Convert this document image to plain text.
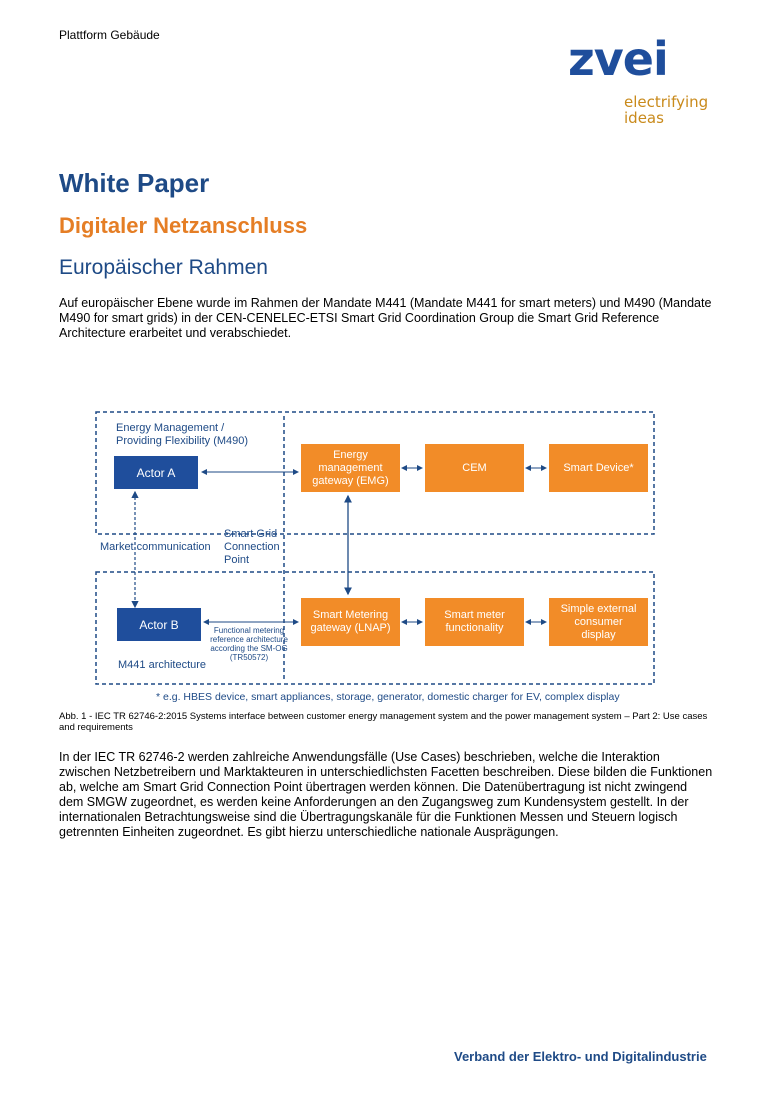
Plattform Gebäude	zvei
electrifying
ideas
White Paper
Digitaler Netzanschluss
Europäischer Rahmen
Auf europäischer Ebene wurde im Rahmen der Mandate M441 (Mandate M441 for smart meters) und M490 (Mandate M490 for smart grids) in der CEN-CENELEC-ETSI Smart Grid Coordination Group die Smart Grid Reference Architecture erarbeitet und verabschiedet.
Energy Management /
Providing Flexibility (M490)
Actor A
Energy
management
gateway (EMG)
CEM	Smart Device*
Market communication
Smart Grid
Connection
Point
Actor B	Functional metering
reference architecture
according the SM-OG
(TR50572)
M441 architecture
Smart Metering
gateway (LNAP)
Smart meter
functionality
Simple external
consumer
display
* e.g. HBES device, smart appliances, storage, generator, domestic charger for EV, complex display
Abb. 1 - IEC TR 62746-2:2015 Systems interface between customer energy management system and the power management system – Part 2: Use cases and requirements
In der IEC TR 62746-2 werden zahlreiche Anwendungsfälle (Use Cases) beschrieben, welche die Interaktion zwischen Netzbetreibern und Marktakteuren in unterschiedlichsten Facetten beschreiben. Diese bilden die Funktionen ab, welche am Smart Grid Connection Point übertragen werden können. Die Datenübertragung ist nicht zwingend dem SMGW zugeordnet, es werden keine Anforderungen an den Zugangsweg zum Kundensystem gestellt. In der internationalen Betrachtungsweise sind die Übertragungskanäle für die Funktionen Messen und Steuern logisch getrennten Einheiten zugeordnet. Es gibt hierzu unterschiedliche nationale Ausprägungen.
Verband der Elektro- und Digitalindustrie
